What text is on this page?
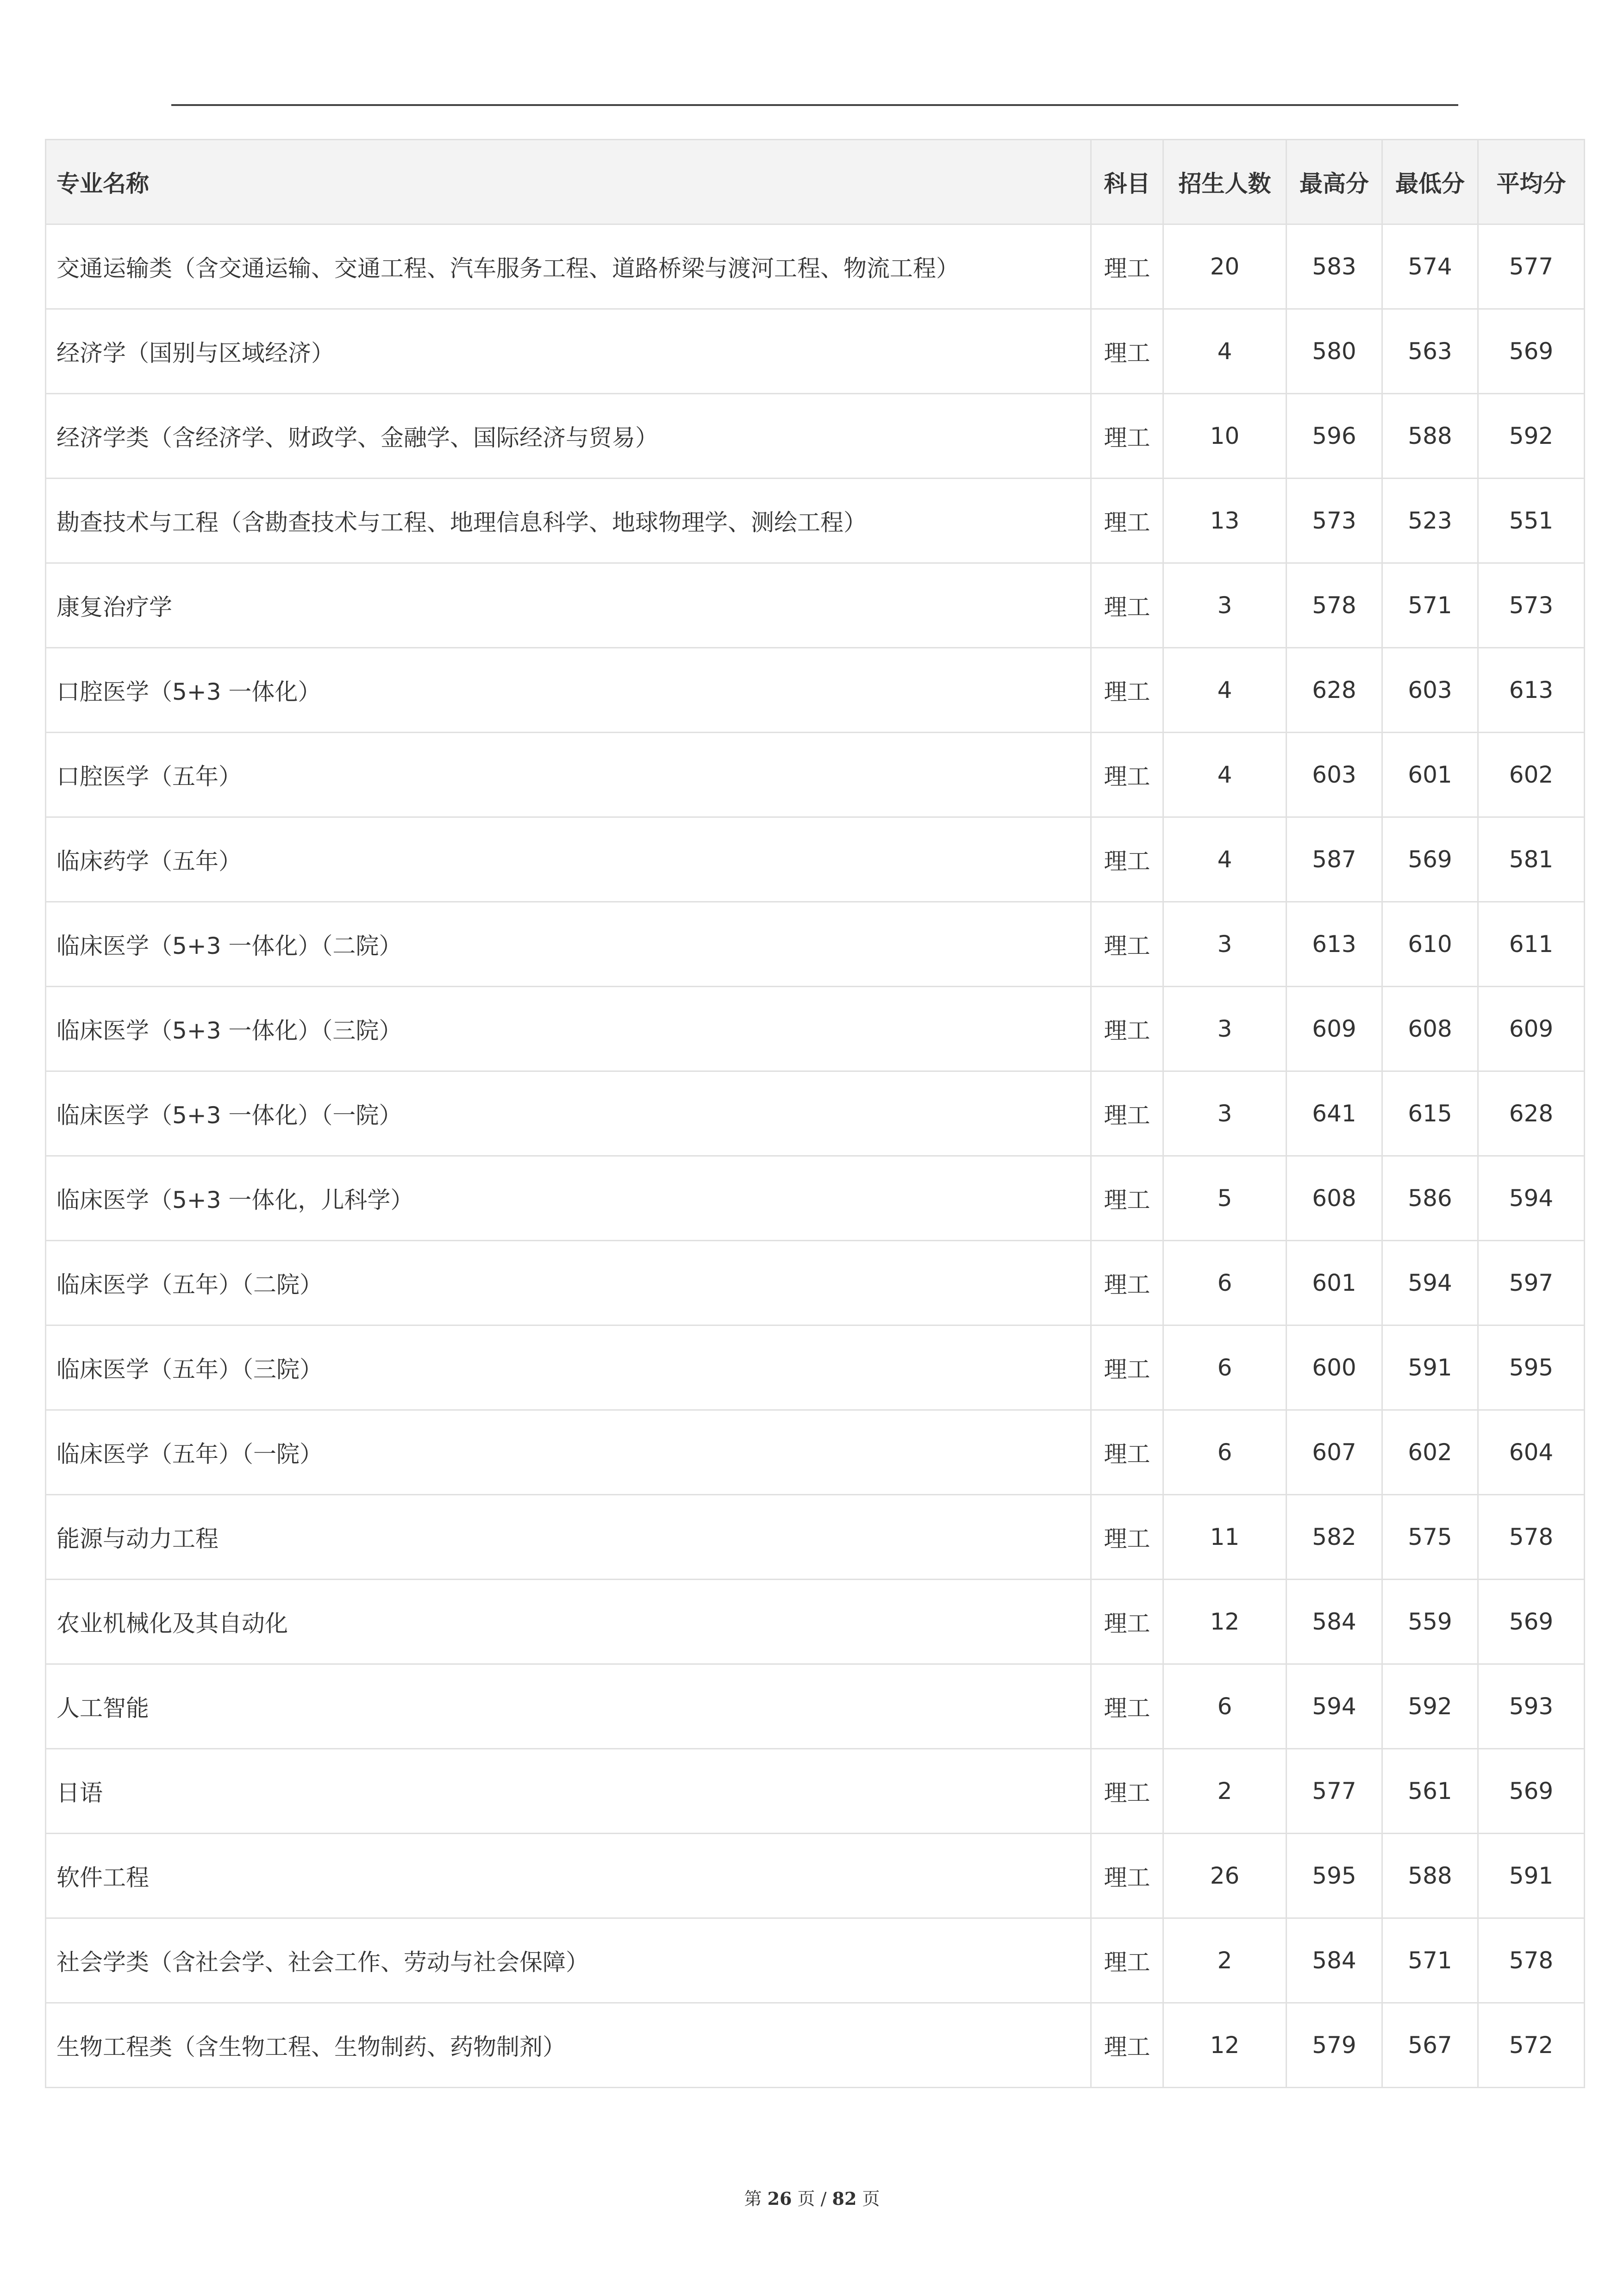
专业名称	科目	招生人数	最高分	最低分	平均分
交通运输类（含交通运输、交通工程、汽车服务工程、道路桥梁与渡河工程、物流工程）	理工	20	583	574	577
经济学（国别与区域经济）	理工	4	580	563	569
经济学类（含经济学、财政学、金融学、国际经济与贸易）	理工	10	596	588	592
勘查技术与工程（含勘查技术与工程、地理信息科学、地球物理学、测绘工程）	理工	13	573	523	551
康复治疗学	理工	3	578	571	573
口腔医学（5+3 一体化）	理工	4	628	603	613
口腔医学（五年）	理工	4	603	601	602
临床药学（五年）	理工	4	587	569	581
临床医学（5+3 一体化）（二院）	理工	3	613	610	611
临床医学（5+3 一体化）（三院）	理工	3	609	608	609
临床医学（5+3 一体化）（一院）	理工	3	641	615	628
临床医学（5+3 一体化，儿科学）	理工	5	608	586	594
临床医学（五年）（二院）	理工	6	601	594	597
临床医学（五年）（三院）	理工	6	600	591	595
临床医学（五年）（一院）	理工	6	607	602	604
能源与动力工程	理工	11	582	575	578
农业机械化及其自动化	理工	12	584	559	569
人工智能	理工	6	594	592	593
日语	理工	2	577	561	569
软件工程	理工	26	595	588	591
社会学类（含社会学、社会工作、劳动与社会保障）	理工	2	584	571	578
生物工程类（含生物工程、生物制药、药物制剂）	理工	12	579	567	572
第 26 页 / 82 页
